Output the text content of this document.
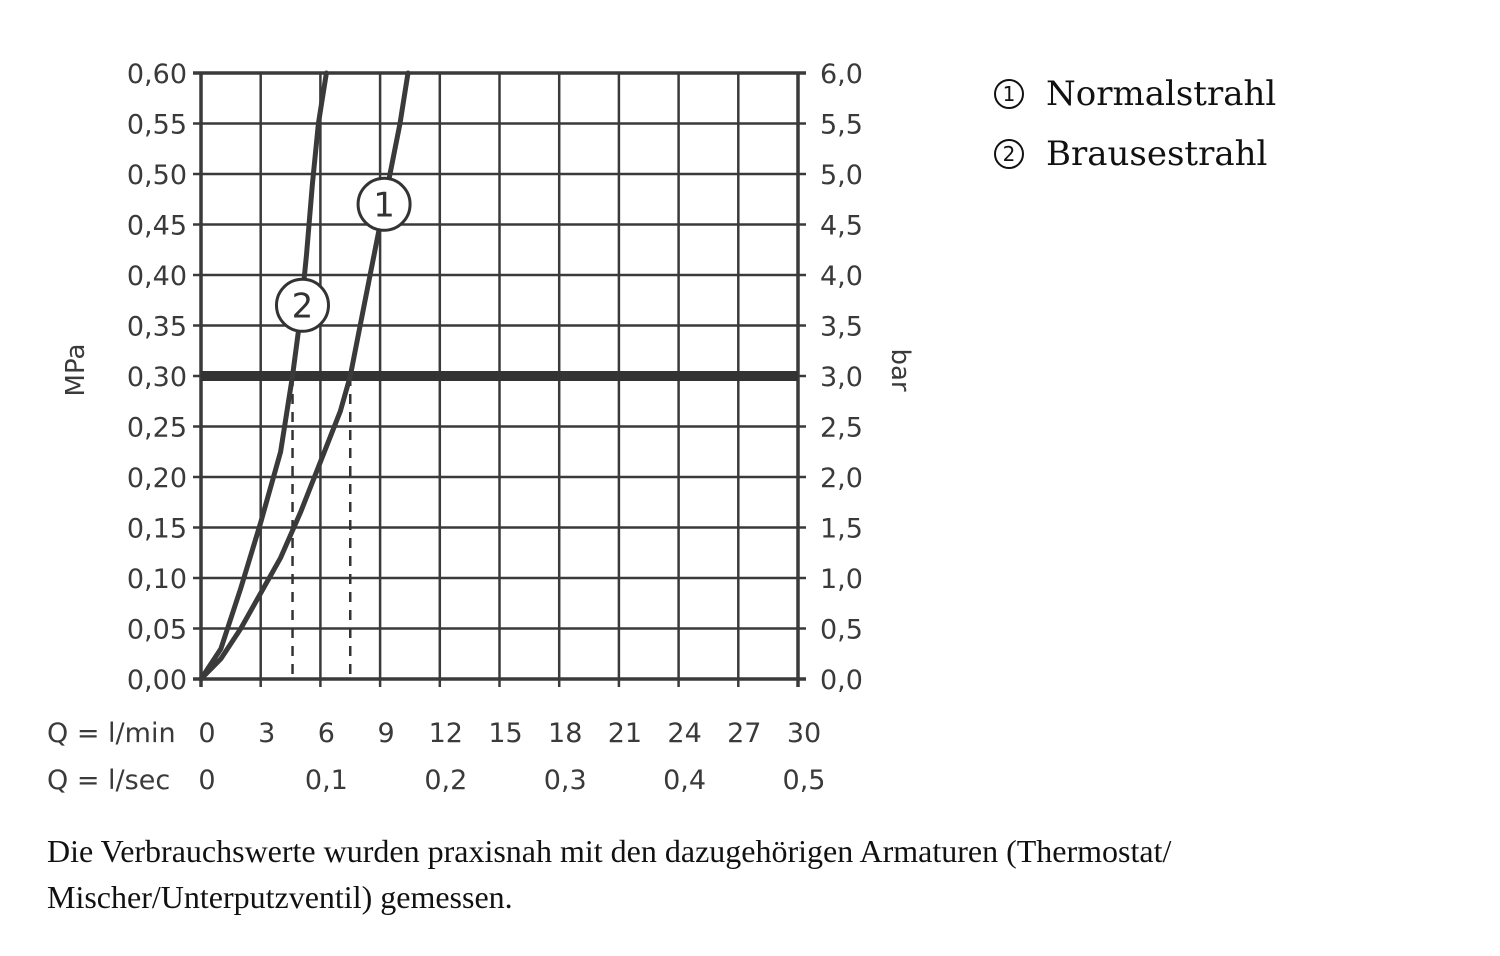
1
2
0,00
0,05
0,10
0,15
0,20
0,25
0,30
0,35
0,40
0,45
0,50
0,55
0,60
0,0
0,5
1,0
1,5
2,0
2,5
3,0
3,5
4,0
4,5
5,0
5,5
6,0
0 3 6 9 12 15 18 21 24 27 30
0	0,1	0,2	0,3	0,4	0,5
MPa	bar
Q = l/min
Q = l/sec
1 Normalstrahl
2 Brausestrahl
Die Verbrauchswerte wurden praxisnah mit den dazugehörigen Armaturen (Thermostat/ Mischer/Unterputzventil) gemessen.
